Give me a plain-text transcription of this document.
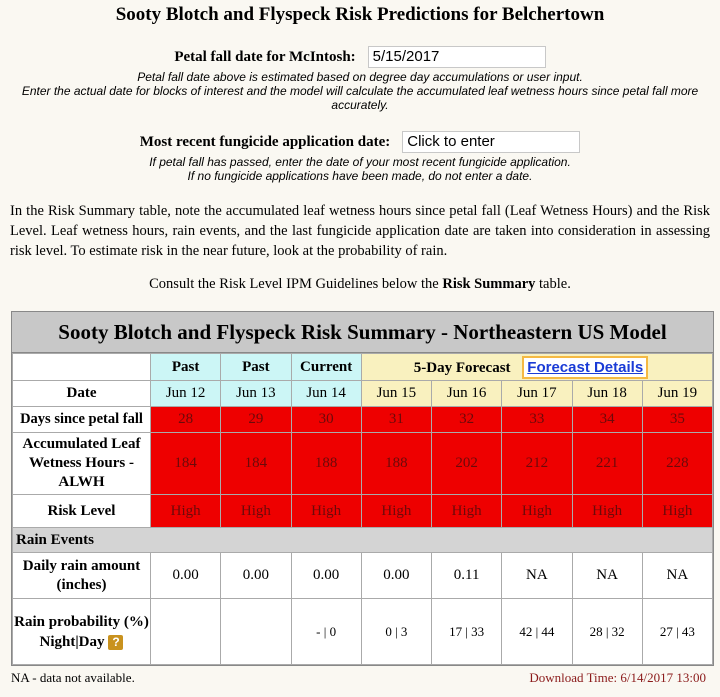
Sooty Blotch and Flyspeck Risk Predictions for Belchertown
Petal fall date for McIntosh:
5/15/2017

Petal fall date above is estimated based on degree day accumulations or user input.
Enter the actual date for blocks of interest and the model will calculate the accumulated leaf wetness hours since petal fall more accurately.

Most recent fungicide application date:
Click to enter

If petal fall has passed, enter the date of your most recent fungicide application.
If no fungicide applications have been made, do not enter a date.

In the Risk Summary table, note the accumulated leaf wetness hours since petal fall (Leaf Wetness Hours) and the Risk Level. Leaf wetness hours, rain events, and the last fungicide application date are taken into consideration in assessing risk level. To estimate risk in the near future, look at the probability of rain.

Consult the Risk Level IPM Guidelines below the Risk Summary table.

Sooty Blotch and Flyspeck Risk Summary - Northeastern US Model
	Past	Past	Current	5-Day Forecast Forecast Details				
Date	Jun 12	Jun 13	Jun 14	Jun 15	Jun 16	Jun 17	Jun 18	Jun 19
Days since petal fall	28	29	30	31	32	33	34	35
Accumulated Leaf Wetness Hours - ALWH	184	184	188	188	202	212	221	228
Risk Level	High	High	High	High	High	High	High	High
Rain Events								
Daily rain amount (inches)	0.00	0.00	0.00	0.00	0.11	NA	NA	NA

Rain probability (%)
Night|Day ?			- | 0	0 | 3	17 | 33	42 | 44	28 | 32	27 | 43
NA - data not available.	Download Time: 6/14/2017 13:00
